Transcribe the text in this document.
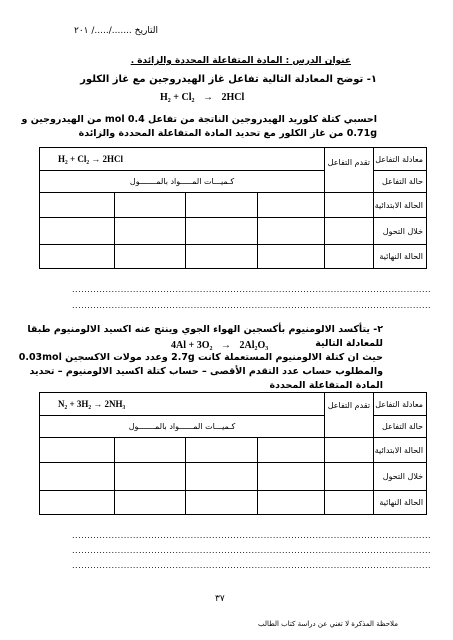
التاريخ ......./...../ ٢٠١
عنوان الدرس : المادة المتفاعلة المحددة والزائدة .
١- توضح المعادلة التالية تفاعل غاز الهيدروجين مع غاز الكلور
H₂ + Cl₂ → 2HCl
احسبي كتلة كلوريد الهيدروجين الناتجة من تفاعل 0.4 mol من الهيدروجين و 0.71g من غاز الكلور مع تحديد المادة المتفاعلة المحددة والزائدة
معادلة التفاعل	تقدم التفاعل	H₂ + Cl₂ → 2HCl			
حالة التفاعل		كـميـــات المـــــواد بالمـــــــول			
الحالة الابتدائية					
خلال التحول					
الحالة النهائية					
......................................................................................................................
......................................................................................................................
٢- يتأكسد الالومنيوم بأكسجين الهواء الجوي وينتج عنه اكسيد الالومنيوم طبقا للمعادلة التالية
4Al + 3O₂ → 2Al₂O₃
حيث ان كتلة الالومنيوم المستعملة كانت 2.7g وعدد مولات الاكسجين 0.03mol والمطلوب حساب عدد التقدم الأقصى – حساب كتلة اكسيد الالومنيوم – تحديد المادة المتفاعلة المحددة
معادلة التفاعل	تقدم التفاعل	N₂ + 3H₂ → 2NH₃			
حالة التفاعل		كـميـــات المــــــواد بالمـــــــول			
الحالة الابتدائية					
خلال التحول					
الحالة النهائية					
......................................................................................................................
......................................................................................................................
......................................................................................................................
٣٧
ملاحظة المذكرة لا تغني عن دراسة كتاب الطالب
